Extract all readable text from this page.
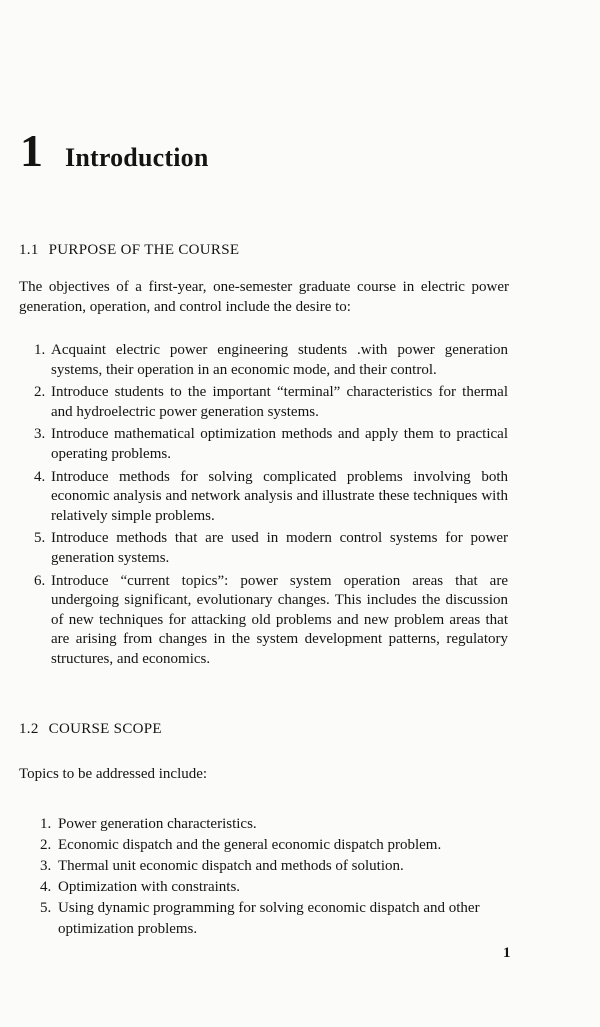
1 Introduction
1.1 PURPOSE OF THE COURSE

The objectives of a first-year, one-semester graduate course in electric power generation, operation, and control include the desire to:

1. Acquaint electric power engineering students .with power generation systems, their operation in an economic mode, and their control.
2. Introduce students to the important “terminal” characteristics for thermal and hydroelectric power generation systems.
3. Introduce mathematical optimization methods and apply them to practical operating problems.
4. Introduce methods for solving complicated problems involving both economic analysis and network analysis and illustrate these techniques with relatively simple problems.
5. Introduce methods that are used in modern control systems for power generation systems.
6. Introduce “current topics”: power system operation areas that are undergoing significant, evolutionary changes. This includes the discussion of new techniques for attacking old problems and new problem areas that are arising from changes in the system development patterns, regulatory structures, and economics.
1.2 COURSE SCOPE

Topics to be addressed include:

1. Power generation characteristics.
2. Economic dispatch and the general economic dispatch problem.
3. Thermal unit economic dispatch and methods of solution.
4. Optimization with constraints.
5. Using dynamic programming for solving economic dispatch and other optimization problems.
1
